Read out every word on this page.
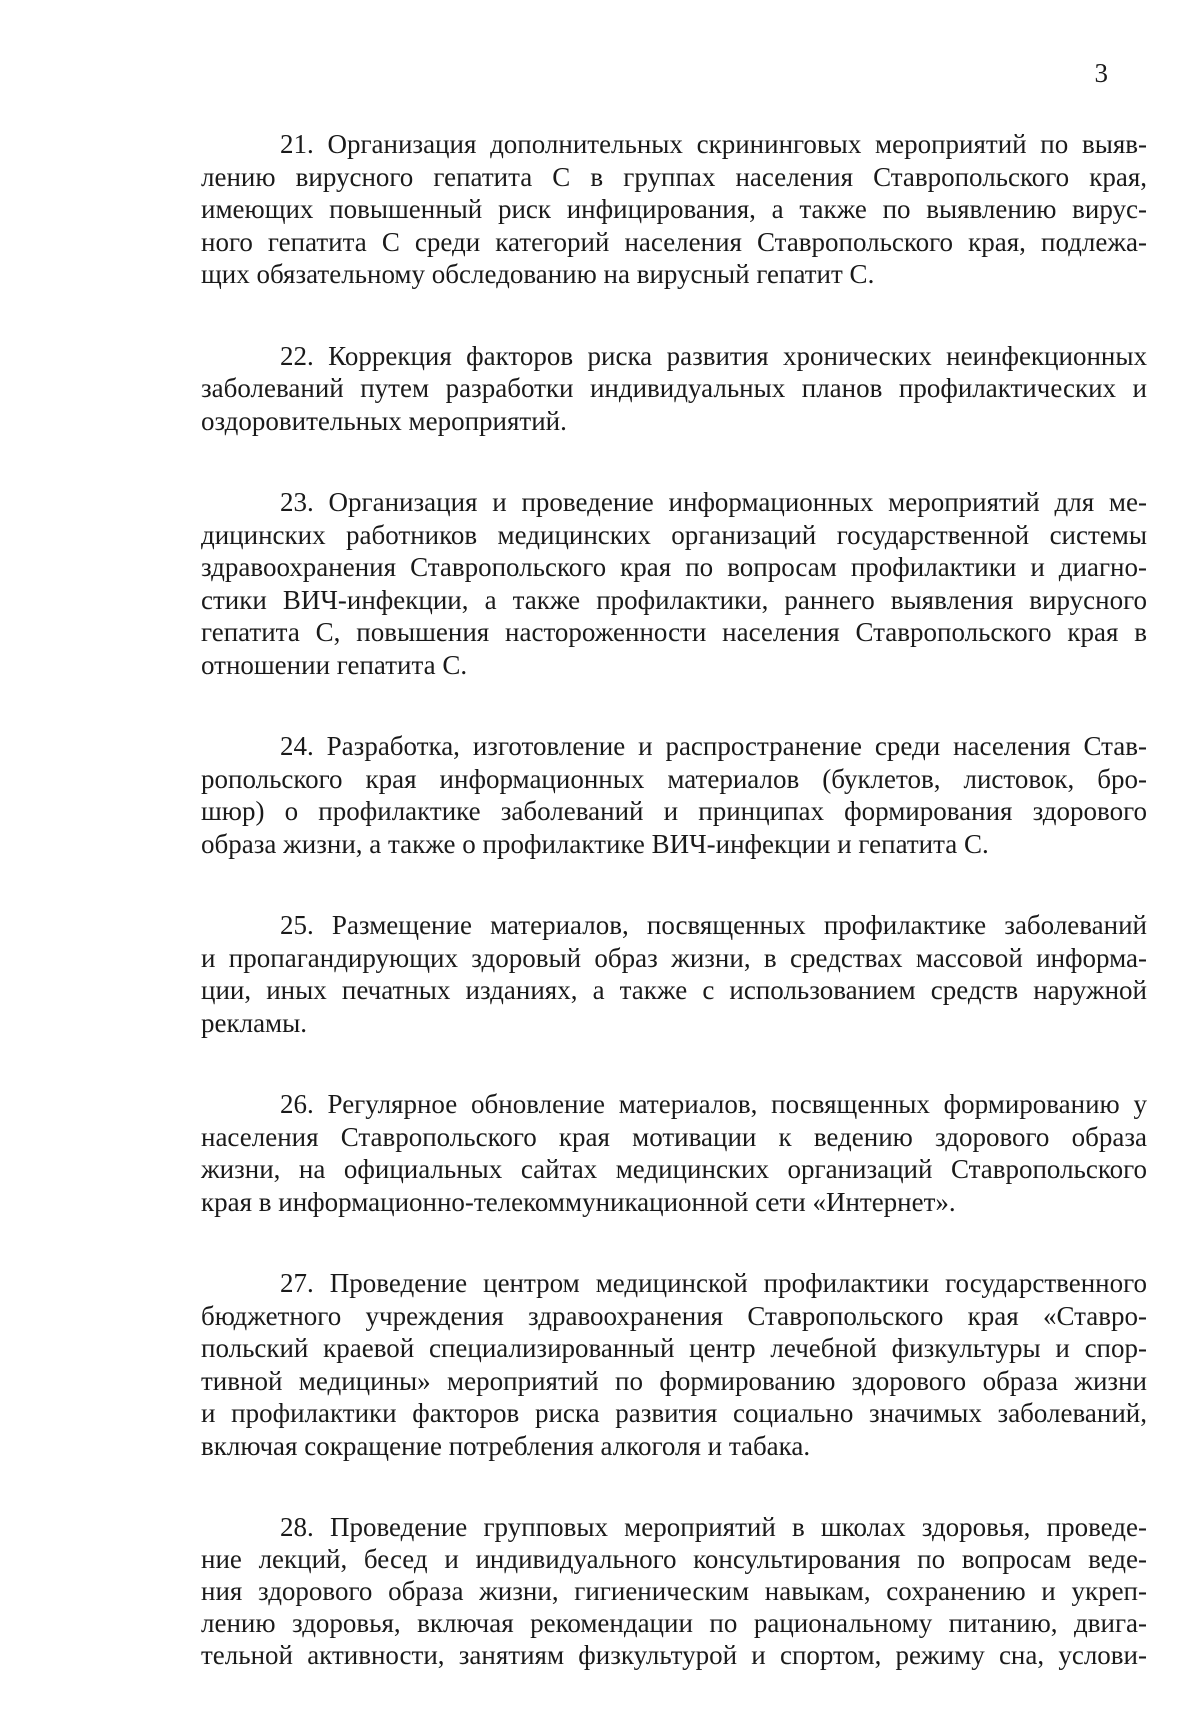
3
21. Организация дополнительных скрининговых мероприятий по выяв-
лению вирусного гепатита С в группах населения Ставропольского края,
имеющих повышенный риск инфицирования, а также по выявлению вирус-
ного гепатита С среди категорий населения Ставропольского края, подлежа-
щих обязательному обследованию на вирусный гепатит С.
22. Коррекция факторов риска развития хронических неинфекционных
заболеваний путем разработки индивидуальных планов профилактических и
оздоровительных мероприятий.
23. Организация и проведение информационных мероприятий для ме-
дицинских работников медицинских организаций государственной системы
здравоохранения Ставропольского края по вопросам профилактики и диагно-
стики ВИЧ-инфекции, а также профилактики, раннего выявления вирусного
гепатита С, повышения настороженности населения Ставропольского края в
отношении гепатита С.
24. Разработка, изготовление и распространение среди населения Став-
ропольского края информационных материалов (буклетов, листовок, бро-
шюр) о профилактике заболеваний и принципах формирования здорового
образа жизни, а также о профилактике ВИЧ-инфекции и гепатита С.
25. Размещение материалов, посвященных профилактике заболеваний
и пропагандирующих здоровый образ жизни, в средствах массовой информа-
ции, иных печатных изданиях, а также с использованием средств наружной
рекламы.
26. Регулярное обновление материалов, посвященных формированию у
населения Ставропольского края мотивации к ведению здорового образа
жизни, на официальных сайтах медицинских организаций Ставропольского
края в информационно-телекоммуникационной сети «Интернет».
27. Проведение центром медицинской профилактики государственного
бюджетного учреждения здравоохранения Ставропольского края «Ставро-
польский краевой специализированный центр лечебной физкультуры и спор-
тивной медицины» мероприятий по формированию здорового образа жизни
и профилактики факторов риска развития социально значимых заболеваний,
включая сокращение потребления алкоголя и табака.
28. Проведение групповых мероприятий в школах здоровья, проведе-
ние лекций, бесед и индивидуального консультирования по вопросам веде-
ния здорового образа жизни, гигиеническим навыкам, сохранению и укреп-
лению здоровья, включая рекомендации по рациональному питанию, двига-
тельной активности, занятиям физкультурой и спортом, режиму сна, услови-
